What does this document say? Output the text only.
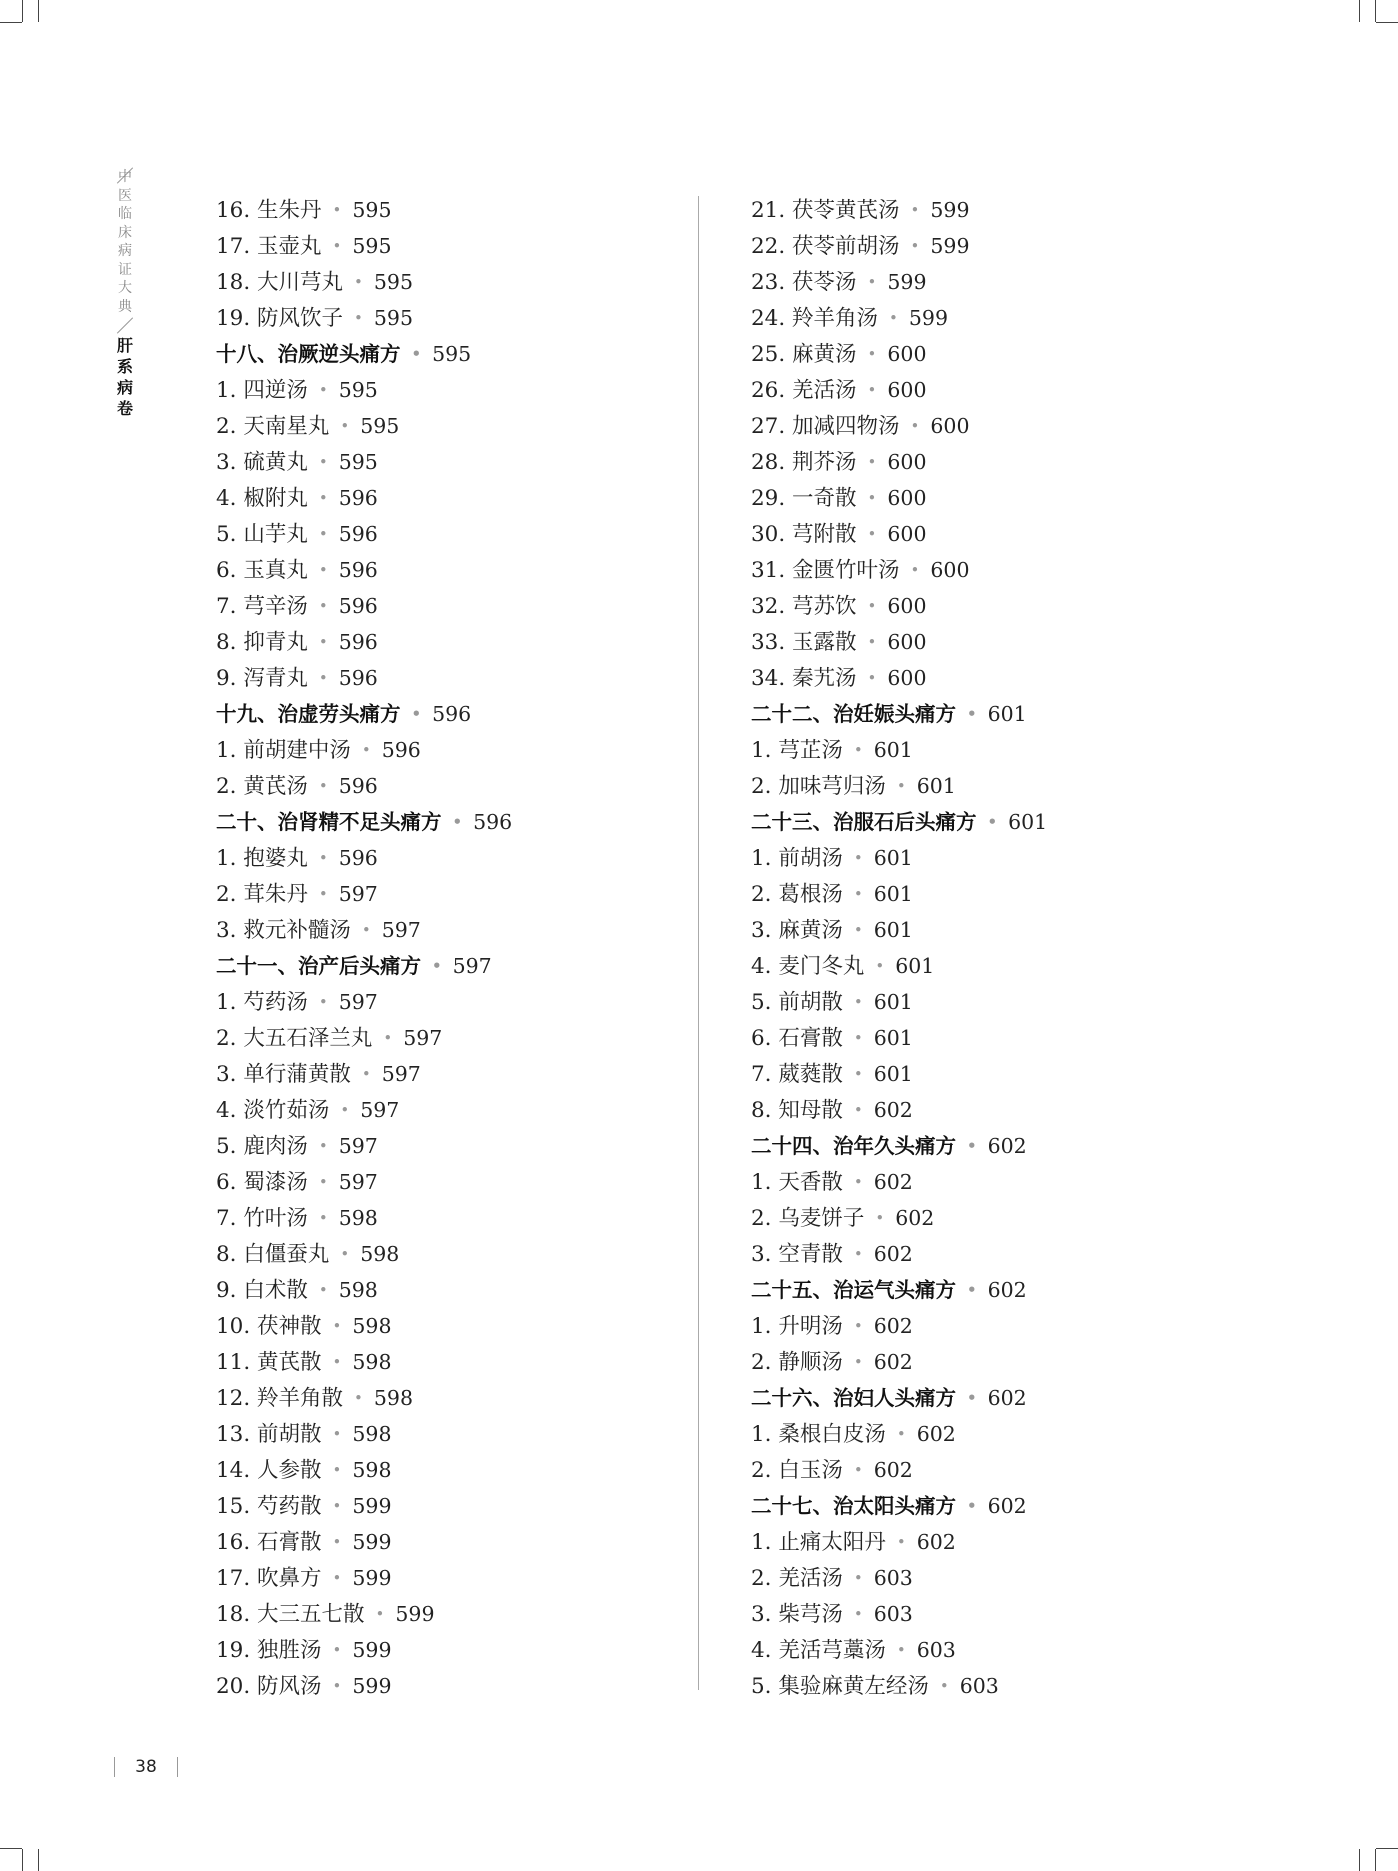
中
医
临
床
病
证
大
典
肝
系
病
卷
16. 生朱丹 • 595
17. 玉壶丸 • 595
18. 大川芎丸 • 595
19. 防风饮子 • 595
十八、治厥逆头痛方 • 595
1. 四逆汤 • 595
2. 天南星丸 • 595
3. 硫黄丸 • 595
4. 椒附丸 • 596
5. 山芋丸 • 596
6. 玉真丸 • 596
7. 芎辛汤 • 596
8. 抑青丸 • 596
9. 泻青丸 • 596
十九、治虚劳头痛方 • 596
1. 前胡建中汤 • 596
2. 黄芪汤 • 596
二十、治肾精不足头痛方 • 596
1. 抱婆丸 • 596
2. 茸朱丹 • 597
3. 救元补髓汤 • 597
二十一、治产后头痛方 • 597
1. 芍药汤 • 597
2. 大五石泽兰丸 • 597
3. 单行蒲黄散 • 597
4. 淡竹茹汤 • 597
5. 鹿肉汤 • 597
6. 蜀漆汤 • 597
7. 竹叶汤 • 598
8. 白僵蚕丸 • 598
9. 白术散 • 598
10. 茯神散 • 598
11. 黄芪散 • 598
12. 羚羊角散 • 598
13. 前胡散 • 598
14. 人参散 • 598
15. 芍药散 • 599
16. 石膏散 • 599
17. 吹鼻方 • 599
18. 大三五七散 • 599
19. 独胜汤 • 599
20. 防风汤 • 599
21. 茯苓黄芪汤 • 599
22. 茯苓前胡汤 • 599
23. 茯苓汤 • 599
24. 羚羊角汤 • 599
25. 麻黄汤 • 600
26. 羌活汤 • 600
27. 加减四物汤 • 600
28. 荆芥汤 • 600
29. 一奇散 • 600
30. 芎附散 • 600
31. 金匮竹叶汤 • 600
32. 芎苏饮 • 600
33. 玉露散 • 600
34. 秦艽汤 • 600
二十二、治妊娠头痛方 • 601
1. 芎芷汤 • 601
2. 加味芎归汤 • 601
二十三、治服石后头痛方 • 601
1. 前胡汤 • 601
2. 葛根汤 • 601
3. 麻黄汤 • 601
4. 麦门冬丸 • 601
5. 前胡散 • 601
6. 石膏散 • 601
7. 葳蕤散 • 601
8. 知母散 • 602
二十四、治年久头痛方 • 602
1. 天香散 • 602
2. 乌麦饼子 • 602
3. 空青散 • 602
二十五、治运气头痛方 • 602
1. 升明汤 • 602
2. 静顺汤 • 602
二十六、治妇人头痛方 • 602
1. 桑根白皮汤 • 602
2. 白玉汤 • 602
二十七、治太阳头痛方 • 602
1. 止痛太阳丹 • 602
2. 羌活汤 • 603
3. 柴芎汤 • 603
4. 羌活芎藁汤 • 603
5. 集验麻黄左经汤 • 603
38
